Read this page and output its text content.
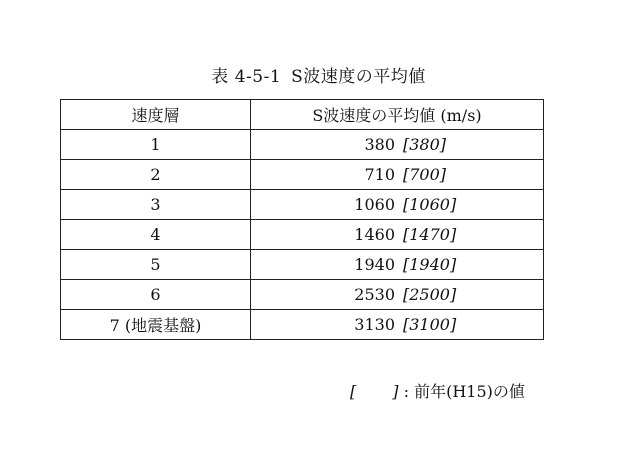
表 4-5-1 S波速度の平均値
速度層	S波速度の平均値 (m/s)
1	380 [380]
2	710 [700]
3	1060 [1060]
4	1460 [1470]
5	1940 [1940]
6	2530 [2500]
7 (地震基盤)	3130 [3100]
[ ] : 前年(H15)の値
